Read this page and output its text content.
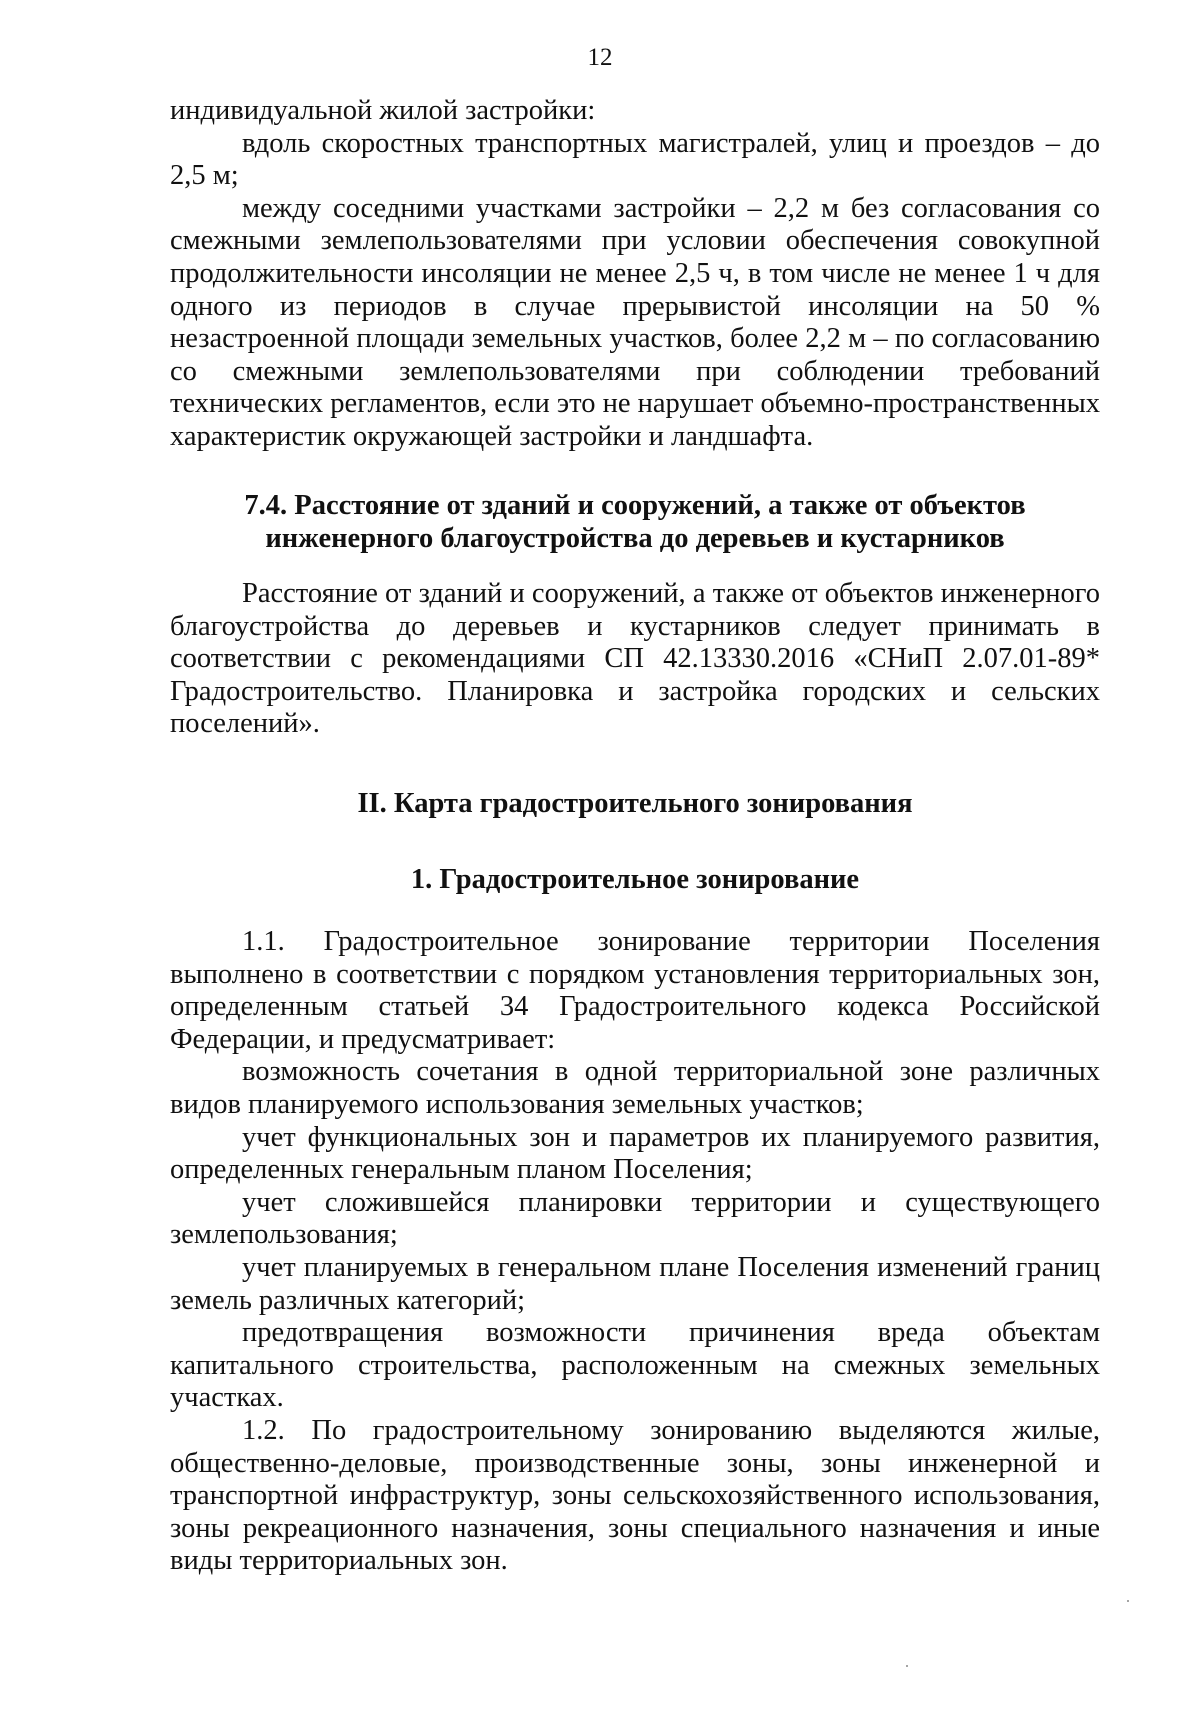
12

индивидуальной жилой застройки:

вдоль скоростных транспортных магистралей, улиц и проездов – до 2,5 м;

между соседними участками застройки – 2,2 м без согласования со смежными землепользователями при условии обеспечения совокупной продолжительности инсоляции не менее 2,5 ч, в том числе не менее 1 ч для одного из периодов в случае прерывистой инсоляции на 50 % незастроенной площади земельных участков, более 2,2 м – по согласованию со смежными землепользователями при соблюдении требований технических регламентов, если это не нарушает объемно-пространственных характеристик окружающей застройки и ландшафта.

7.4. Расстояние от зданий и сооружений, а также от объектов

инженерного благоустройства до деревьев и кустарников

Расстояние от зданий и сооружений, а также от объектов инженерного благоустройства до деревьев и кустарников следует принимать в соответствии с рекомендациями СП 42.13330.2016 «СНиП 2.07.01-89* Градостроительство. Планировка и застройка городских и сельских поселений».

II. Карта градостроительного зонирования

1. Градостроительное зонирование

1.1. Градостроительное зонирование территории Поселения выполнено в соответствии с порядком установления территориальных зон, определенным статьей 34 Градостроительного кодекса Российской Федерации, и предусматривает:

возможность сочетания в одной территориальной зоне различных видов планируемого использования земельных участков;

учет функциональных зон и параметров их планируемого развития, определенных генеральным планом Поселения;

учет сложившейся планировки территории и существующего землепользования;

учет планируемых в генеральном плане Поселения изменений границ земель различных категорий;

предотвращения возможности причинения вреда объектам капитального строительства, расположенным на смежных земельных участках.

1.2. По градостроительному зонированию выделяются жилые, общественно-деловые, производственные зоны, зоны инженерной и транспортной инфраструктур, зоны сельскохозяйственного использования, зоны рекреационного назначения, зоны специального назначения и иные виды территориальных зон.
